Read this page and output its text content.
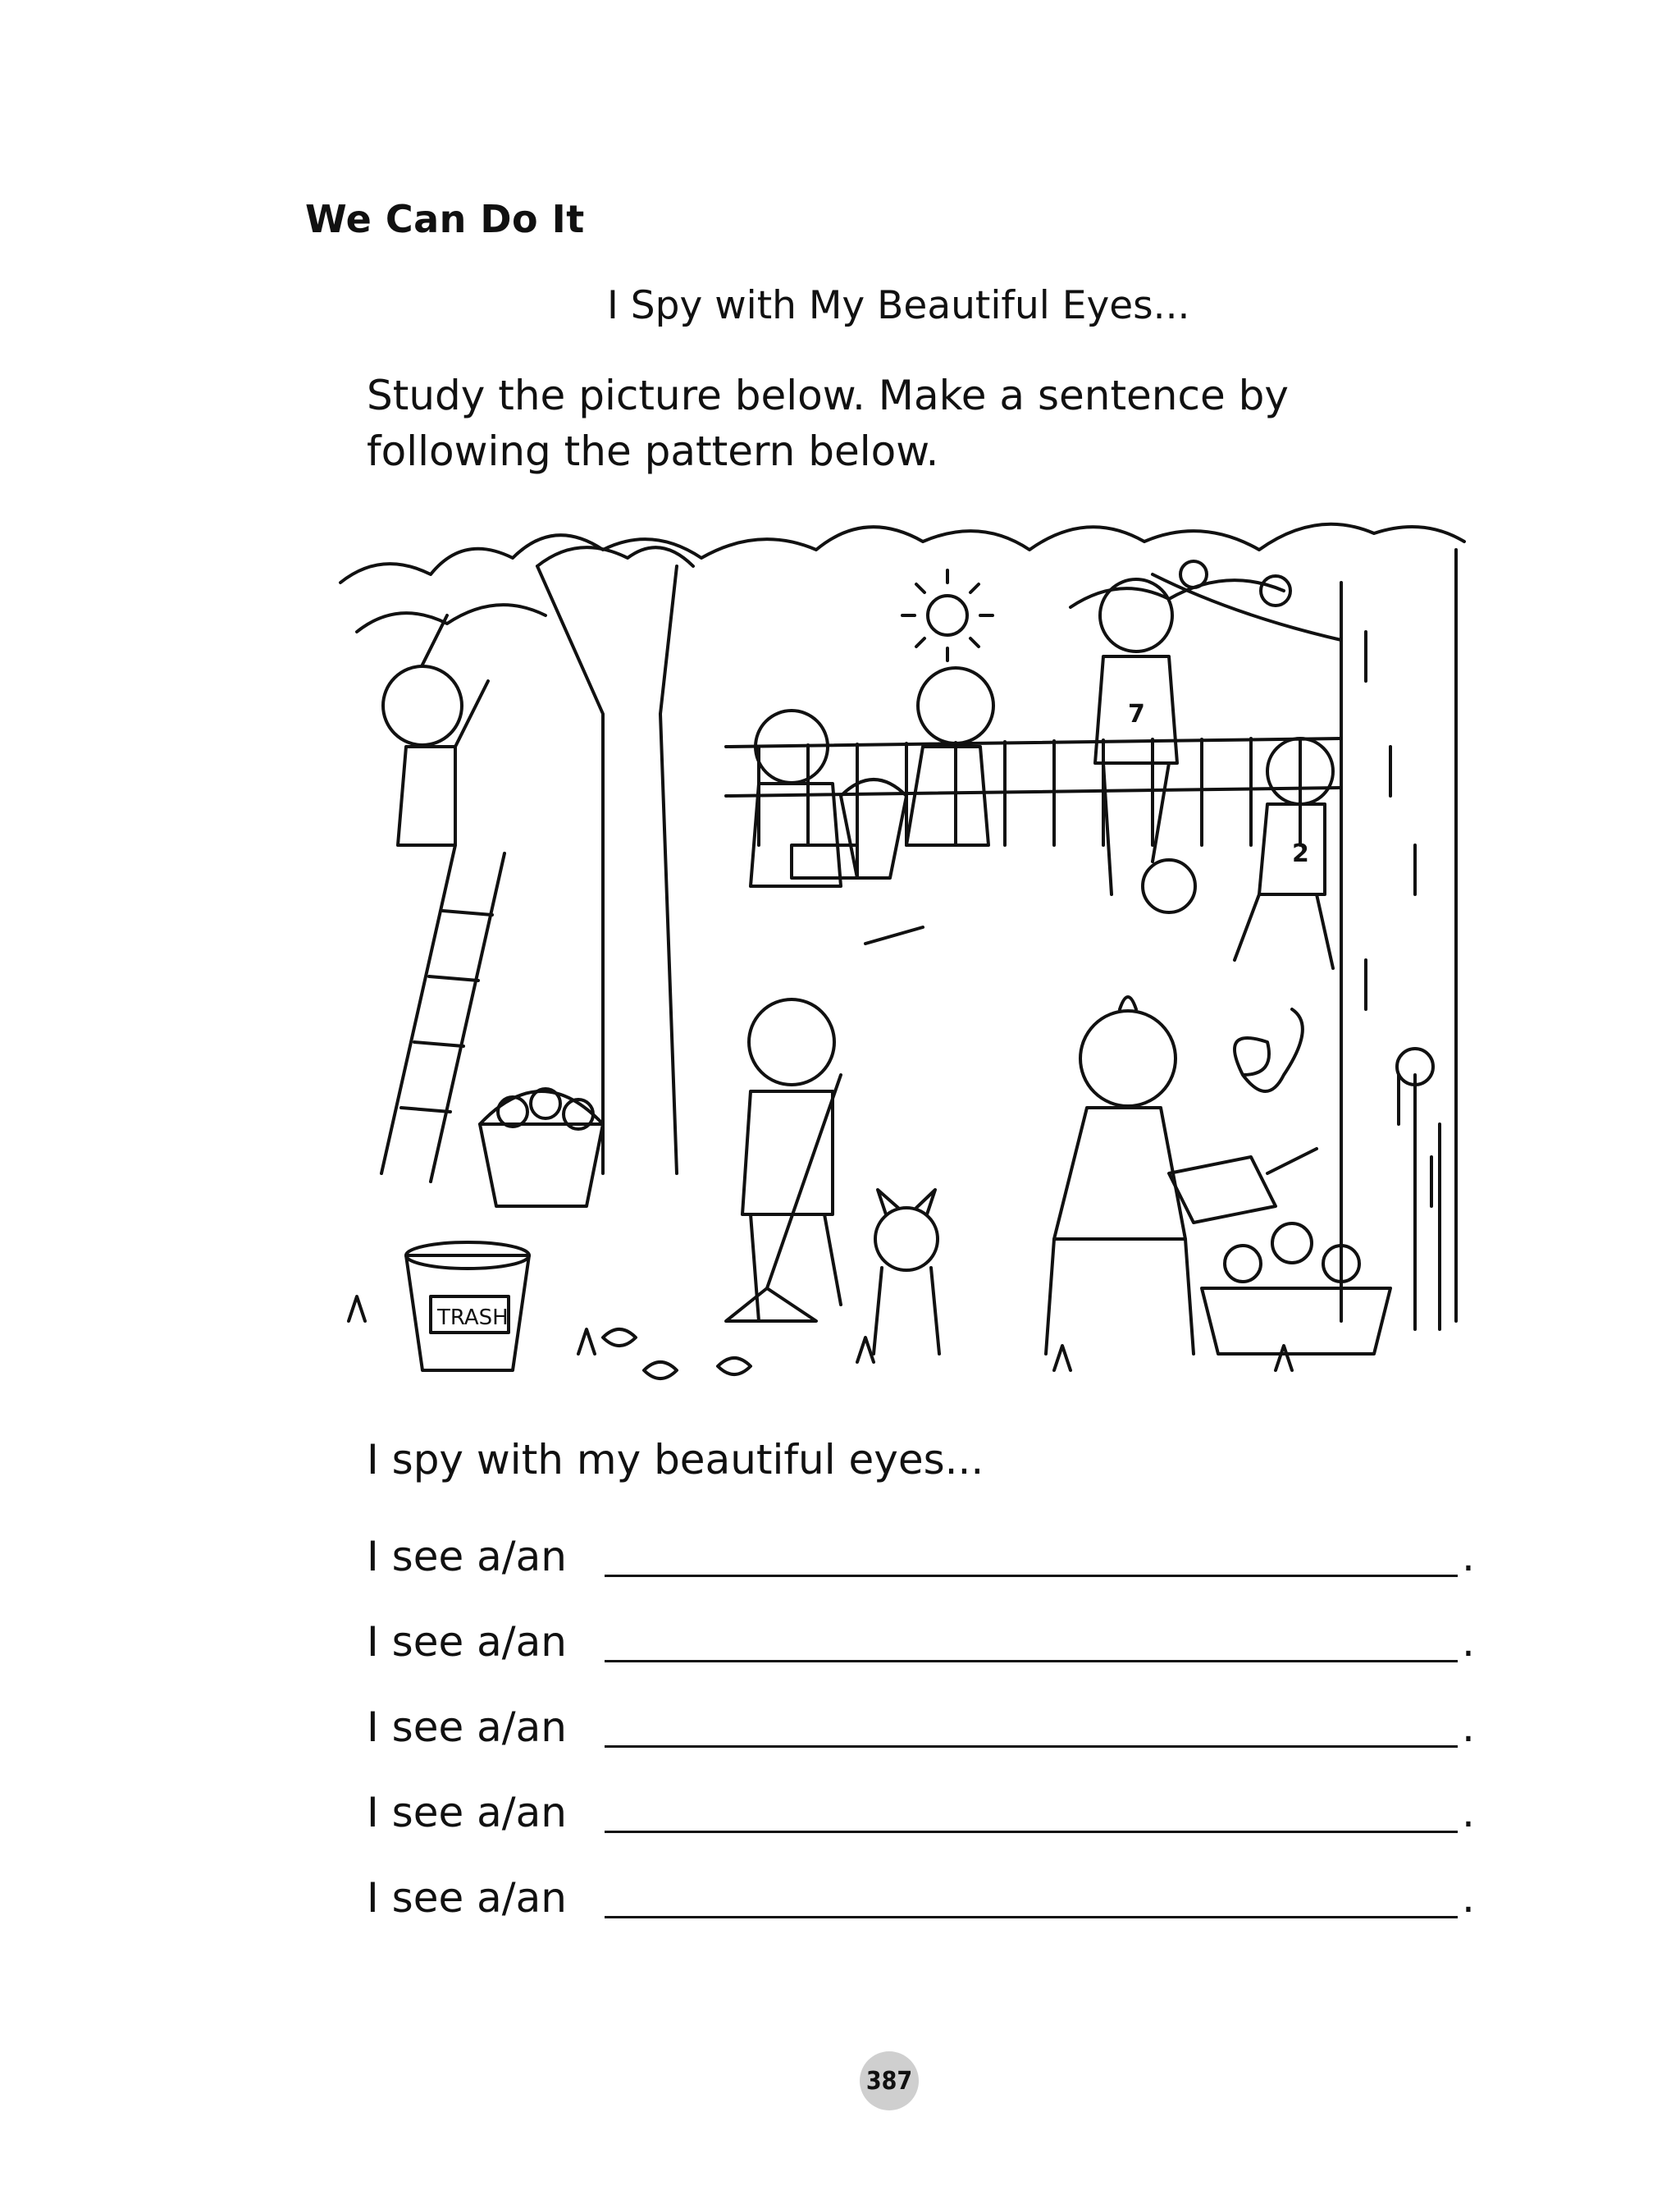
We Can Do It
I Spy with My Beautiful Eyes...
Study the picture below. Make a sentence by following the pattern below.
7
2
TRASH
I spy with my beautiful eyes...
I see a/an	.
I see a/an	.
I see a/an	.
I see a/an	.
I see a/an	.
387
